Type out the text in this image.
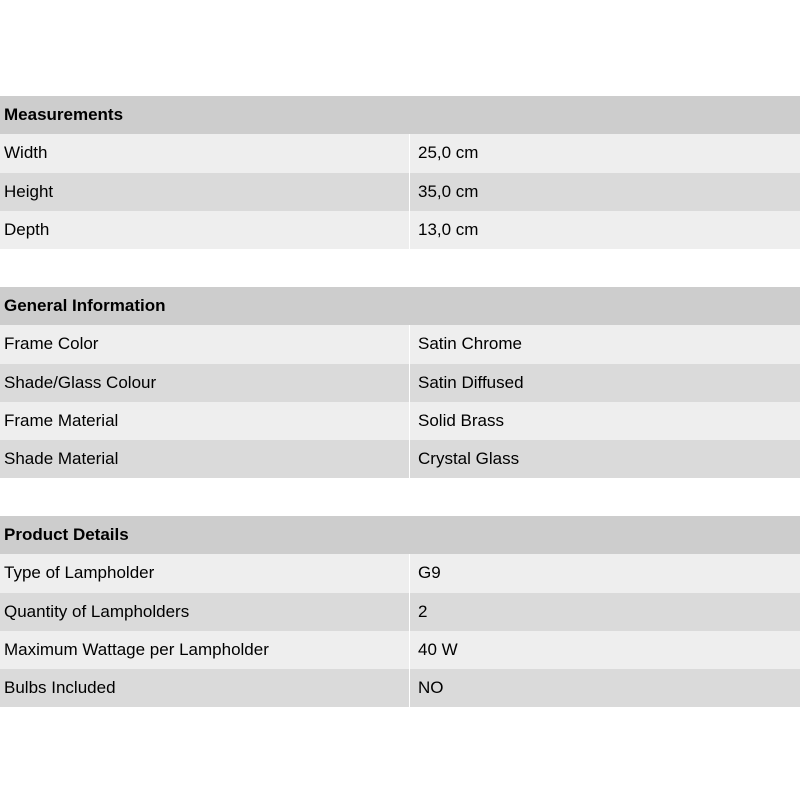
Measurements
Width	25,0 cm
Height	35,0 cm
Depth	13,0 cm
General Information
Frame Color	Satin Chrome
Shade/Glass Colour	Satin Diffused
Frame Material	Solid Brass
Shade Material	Crystal Glass
Product Details
Type of Lampholder	G9
Quantity of Lampholders	2
Maximum Wattage per Lampholder	40 W
Bulbs Included	NO
